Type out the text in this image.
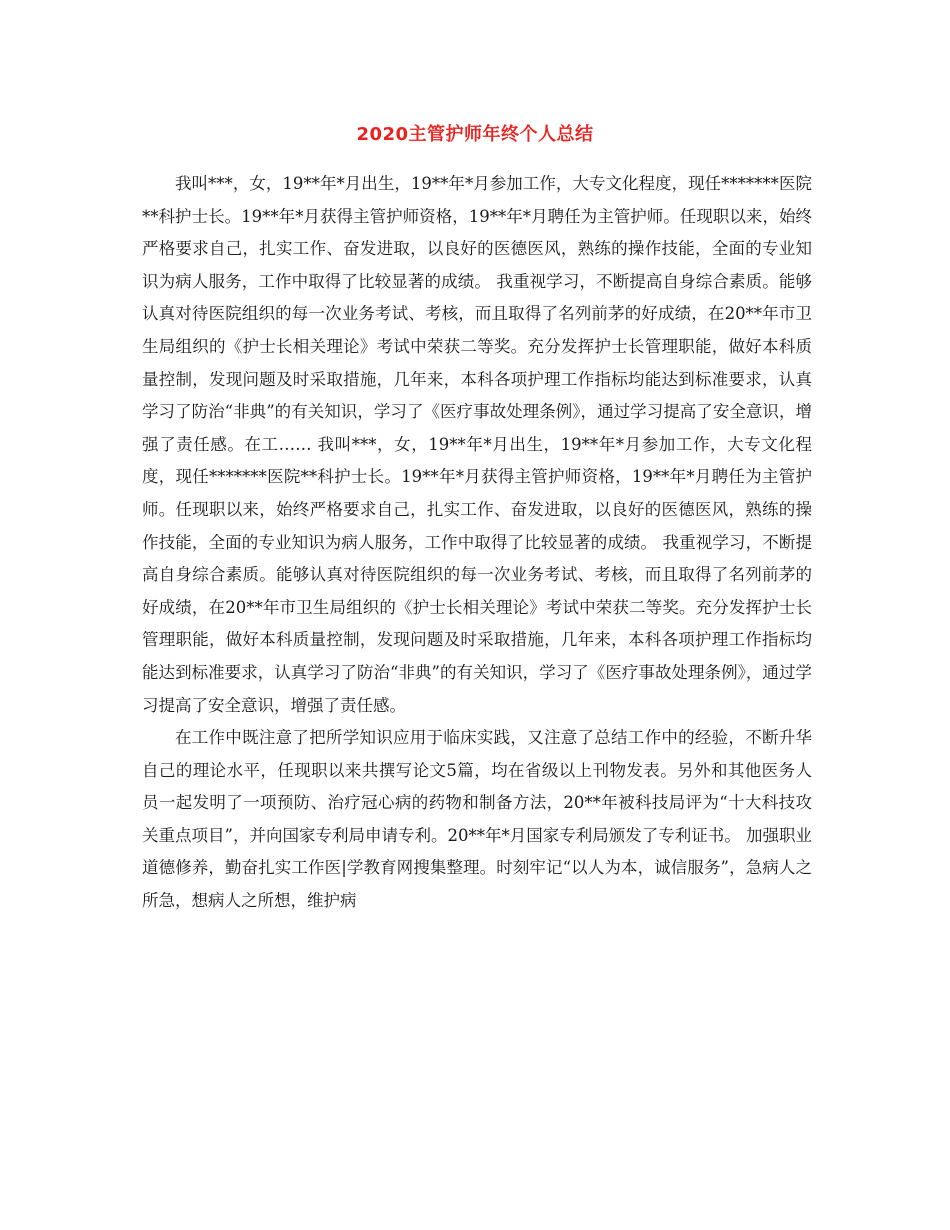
2020主管护师年终个人总结

我叫***，女，19**年*月出生，19**年*月参加工作，大专文化程度，现任*******医院**科护士长。19**年*月获得主管护师资格，19**年*月聘任为主管护师。任现职以来，始终严格要求自己，扎实工作、奋发进取，以良好的医德医风，熟练的操作技能，全面的专业知识为病人服务，工作中取得了比较显著的成绩。 我重视学习，不断提高自身综合素质。能够认真对待医院组织的每一次业务考试、考核，而且取得了名列前茅的好成绩，在20**年市卫生局组织的《护士长相关理论》考试中荣获二等奖。充分发挥护士长管理职能，做好本科质量控制，发现问题及时采取措施，几年来，本科各项护理工作指标均能达到标准要求，认真学习了防治“非典”的有关知识，学习了《医疗事故处理条例》，通过学习提高了安全意识，增强了责任感。在工…… 我叫***，女，19**年*月出生，19**年*月参加工作，大专文化程度，现任*******医院**科护士长。19**年*月获得主管护师资格，19**年*月聘任为主管护师。任现职以来，始终严格要求自己，扎实工作、奋发进取，以良好的医德医风，熟练的操作技能，全面的专业知识为病人服务，工作中取得了比较显著的成绩。 我重视学习，不断提高自身综合素质。能够认真对待医院组织的每一次业务考试、考核，而且取得了名列前茅的好成绩，在20**年市卫生局组织的《护士长相关理论》考试中荣获二等奖。充分发挥护士长管理职能，做好本科质量控制，发现问题及时采取措施，几年来，本科各项护理工作指标均能达到标准要求，认真学习了防治“非典”的有关知识，学习了《医疗事故处理条例》，通过学习提高了安全意识，增强了责任感。

在工作中既注意了把所学知识应用于临床实践，又注意了总结工作中的经验，不断升华自己的理论水平，任现职以来共撰写论文5篇，均在省级以上刊物发表。另外和其他医务人员一起发明了一项预防、治疗冠心病的药物和制备方法，20**年被科技局评为“十大科技攻关重点项目”，并向国家专利局申请专利。20**年*月国家专利局颁发了专利证书。 加强职业道德修养，勤奋扎实工作医|学教育网搜集整理。时刻牢记“以人为本，诚信服务”，急病人之所急，想病人之所想，维护病
